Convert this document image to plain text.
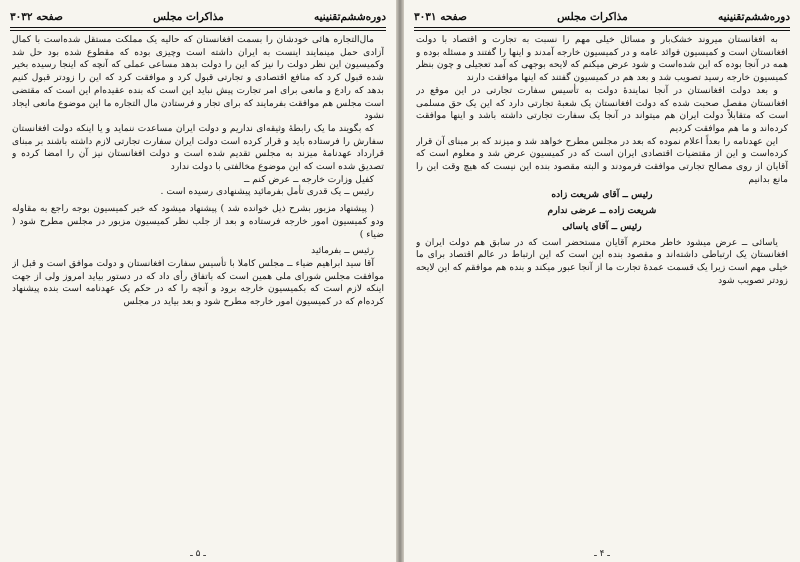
دوره‌ششم‌تقنینیه
مذاکرات مجلس
صفحه ۳۰۳۲

مال‌التجاره هائی خودشان را بسمت افغانستان که حالیه یک مملکت مستقل شده‌است با کمال آزادی حمل مینمایند اینست به ایران داشته است وچیزی بوده که مقطوع شده بود حل شد وکمیسیون این نظر دولت را نیز که این را دولت بدهد مساعی عملی که آنچه که اینجا رسیده بخیر شده قبول کرد که منافع اقتصادی و تجارتی قبول کرد و موافقت کرد که این را زودتر قبول کنیم بدهد که رادع و مانعی برای امر تجارت پیش نباید این است که بنده عقیده‌ام این است که مقتضی است مجلس هم موافقت بفرمایند که برای تجار و فرستادن مال التجاره ما این موضوع مانعی ایجاد نشود

که بگویند ما یک رابطهٔ وثیقه‌ای نداریم و دولت ایران مساعدت ننماید و یا اینکه دولت افغانستان سفارش را فرستاده باید و قرار کرده است دولت ایران سفارت تجارتی لازم داشته باشند بر مبنای قرارداد عهدنامهٔ میزند به مجلس تقدیم شده است و دولت افغانستان نیز آن را امضا کرده و تصدیق شده است که این موضوع مخالفتی با دولت ندارد

کفیل وزارت خارجه ــ عرض کنم ــ

رئیس ــ یک قدری تأمل بفرمائید پیشنهادی رسیده است .

( پیشنهاد مزبور بشرح ذیل خوانده شد ) پیشنهاد میشود که خبر کمیسیون بوجه راجع به مقاوله ودو کمیسیون امور خارجه فرستاده و بعد از جلب نظر کمیسیون مزبور در مجلس مطرح شود ( ضیاء )

رئیس ــ بفرمائید

آقا سید ابراهیم ضیاء ــ مجلس کاملا با تأسیس سفارت افغانستان و دولت موافق است و قبل از موافقت مجلس شورای ملی همین است که باتفاق رأی داد که در دستور بیاید امروز ولی از جهت اینکه لازم است که بکمیسیون خارجه برود و آنچه را که در حکم یک عهدنامه است بنده پیشنهاد کرده‌ام که در کمیسیون امور خارجه مطرح شود و بعد بیاید در مجلس

ـ ۵ ـ
دوره‌ششم‌تقنینیه
مذاکرات مجلس
صفحه ۳۰۳۱

به افغانستان میروند خشک‌بار و مسائل خیلی مهم را نسبت به تجارت و اقتصاد با دولت افغانستان است و کمیسیون فوائد عامه و در کمیسیون خارجه آمدند و اینها را گفتند و مسئله بوده و همه در آنجا بوده که این شده‌است و شود عرض میکنم که لایحه بوجهی که آمد تعجیلی و چون بنظر کمیسیون خارجه رسید تصویب شد و بعد هم در کمیسیون گفتند که اینها موافقت دارند

و بعد دولت افغانستان در آنجا نمایندهٔ دولت به تأسیس سفارت تجارتی در این موقع در افغانستان مفصل صحبت شده که دولت افغانستان یک شعبهٔ تجارتی دارد که این یک حق مسلمی است که متقابلاً دولت ایران هم میتواند در آنجا یک سفارت تجارتی داشته باشد و اینها موافقت کرده‌اند و ما هم موافقت کردیم

این عهدنامه را بعداً اعلام نموده که بعد در مجلس مطرح خواهد شد و میزند که بر مبنای آن قرار کرده‌است و این از مقتضیات اقتصادی ایران است که در کمیسیون عرض شد و معلوم است که آقایان از روی مصالح تجارتی موافقت فرمودند و البته مقصود بنده این نیست که هیچ وقت این را مانع بدانیم

رئیس ــ آقای شریعت زاده

شریعت زاده ــ عرضی ندارم

رئیس ــ آقای یاسائی

یاسائی ــ عرض میشود خاطر محترم آقایان مستحضر است که در سابق هم دولت ایران و افغانستان یک ارتباطی داشته‌اند و مقصود بنده این است که این ارتباط در عالم اقتصاد برای ما خیلی مهم است زیرا یک قسمت عمدهٔ تجارت ما از آنجا عبور میکند و بنده هم موافقم که این لایحه زودتر تصویب شود

ـ ۴ ـ
